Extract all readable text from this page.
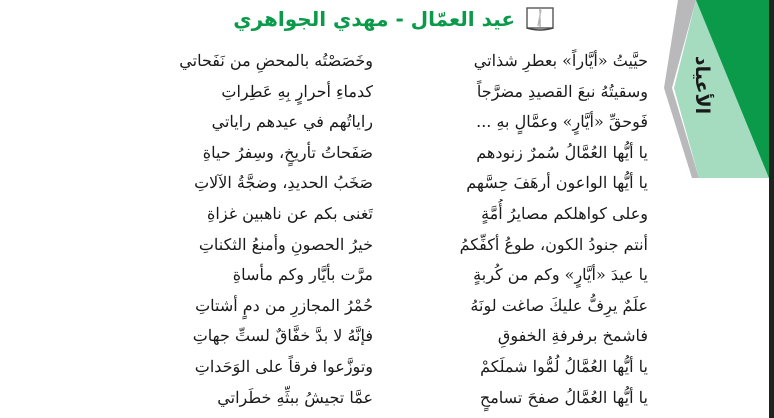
الأعياد
عيد العمّال - مهدي الجواهري
حيَّيتُ «أيَّاراً» بعطرِ شذاتي
وسقيتُهُ نبعَ القصيدِ مضرَّجاً
فَوحقِّ «أيَّارٍ» وعمَّالٍ بهِ ...
يا أيُّها العُمَّالُ سُمرٌ زنودهم
يا أيُّها الواعون أرهَفَ حِسَّهم
وعلى كواهلكم مصايرُ أُمَّةٍ
أنتم جنودُ الكون، طوعُ أكفِّكمُ
يا عيدَ «أيَّارٍ» وكم من كُربةٍ
علَمٌ يرِفُّ عليكَ صاغت لونَهُ
فاشمخ برفرفةِ الخفوقِ
يا أيُّها العُمَّالُ لُمُّوا شملَكمْ
يا أيُّها العُمَّالُ صفحَ تسامحٍ
وخَصَصْتُه بالمحضِ من نَفَحاتي
كدماءِ أحرارٍ بِهِ عَطِراتِ
راياتُهم في عيدهم راياتي
صَفَحاتُ تأريخٍ، وسِفرُ حياةِ
صَخَبُ الحديدِ، وضجَّةُ الآلاتِ
تَغنى بكم عن ناهبين غزاةِ
خيرُ الحصونِ وأمنعُ الثكناتِ
مرَّت بأيَّار وكم مأساةِ
حُمْرُ المجازرِ من دمٍ أشتاتِ
فإنَّهُ لا بدَّ خفَّاقٌ لستِّ جهاتِ
وتوزَّعوا فرقاً على الوَحَداتِ
عمَّا تجيشُ ببثِّهِ خطَراتي
